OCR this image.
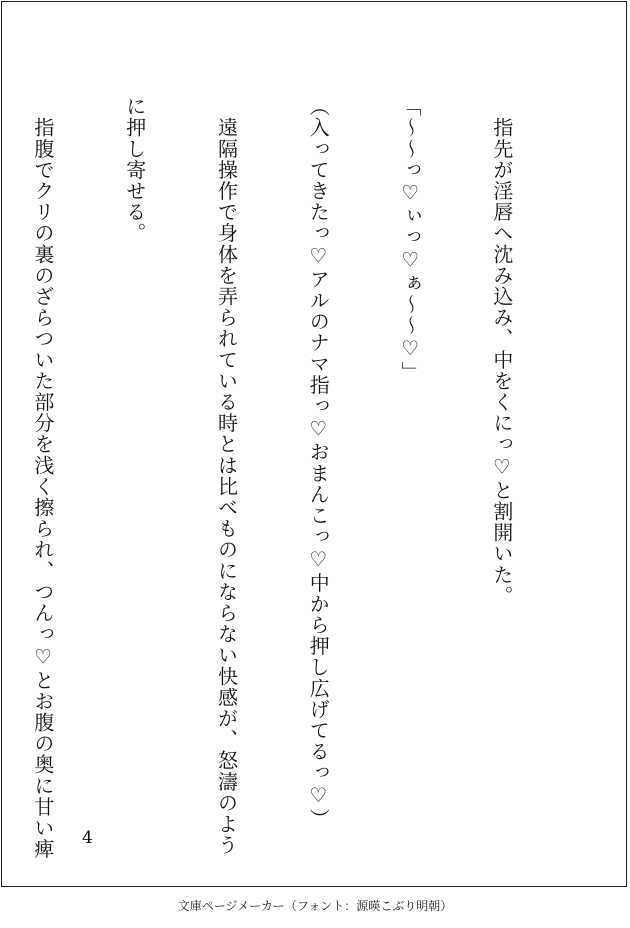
　指先が淫唇へ沈み込み、中をくにっ♡と割開いた。

「〜〜っ♡ぃっ♡ぁ〜〜♡」

（入ってきたっ♡アルのナマ指っ♡おまんこっ♡中から押し広げてるっ♡）

　遠隔操作で身体を弄られている時とは比べものにならない快感が、怒濤のよう

に押し寄せる。

　指腹でクリの裏のざらついた部分を浅く擦られ、つんっ♡とお腹の奥に甘い痺

4
文庫ページメーカー（フォント：源暎こぶり明朝）
